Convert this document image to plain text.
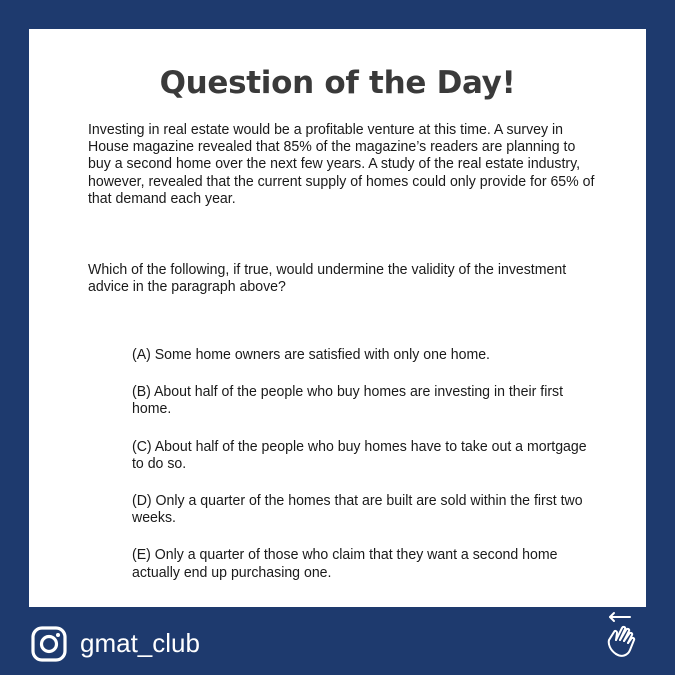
Question of the Day!
Investing in real estate would be a profitable venture at this time. A survey in House magazine revealed that 85% of the magazine’s readers are planning to buy a second home over the next few years. A study of the real estate industry, however, revealed that the current supply of homes could only provide for 65% of that demand each year.
Which of the following, if true, would undermine the validity of the investment advice in the paragraph above?
(A) Some home owners are satisfied with only one home.
(B) About half of the people who buy homes are investing in their first home.
(C) About half of the people who buy homes have to take out a mortgage to do so.
(D) Only a quarter of the homes that are built are sold within the first two weeks.
(E) Only a quarter of those who claim that they want a second home actually end up purchasing one.
gmat_club
